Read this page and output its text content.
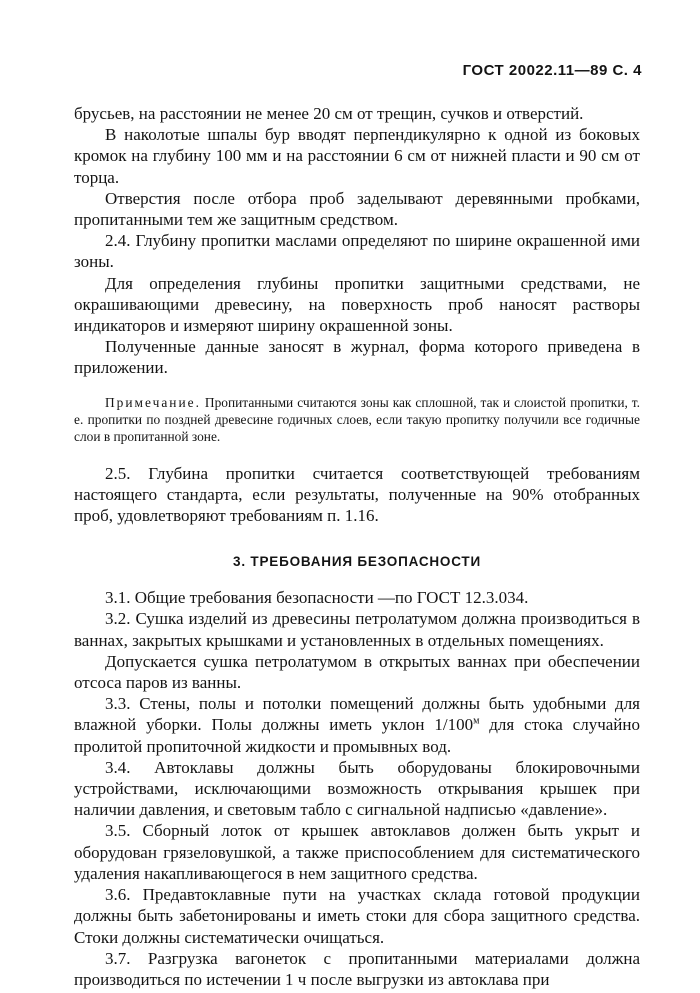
ГОСТ 20022.11—89 С. 4

брусьев, на расстоянии не менее 20 см от трещин, сучков и отверстий.

В наколотые шпалы бур вводят перпендикулярно к одной из боковых кромок на глубину 100 мм и на расстоянии 6 см от нижней пласти и 90 см от торца.

Отверстия после отбора проб заделывают деревянными пробками, пропитанными тем же защитным средством.

2.4. Глубину пропитки маслами определяют по ширине окрашенной ими зоны.

Для определения глубины пропитки защитными средствами, не окрашивающими древесину, на поверхность проб наносят растворы индикаторов и измеряют ширину окрашенной зоны.

Полученные данные заносят в журнал, форма которого приведена в приложении.

Примечание. Пропитанными считаются зоны как сплошной, так и слоистой пропитки, т. е. пропитки по поздней древесине годичных слоев, если такую пропитку получили все годичные слои в пропитанной зоне.

2.5. Глубина пропитки считается соответствующей требованиям настоящего стандарта, если результаты, полученные на 90% отобранных проб, удовлетворяют требованиям п. 1.16.

3. ТРЕБОВАНИЯ БЕЗОПАСНОСТИ

3.1. Общие требования безопасности —по ГОСТ 12.3.034.

3.2. Сушка изделий из древесины петролатумом должна производиться в ваннах, закрытых крышками и установленных в отдельных помещениях.

Допускается сушка петролатумом в открытых ваннах при обеспечении отсоса паров из ванны.

3.3. Стены, полы и потолки помещений должны быть удобными для влажной уборки. Полы должны иметь уклон $1/100^м$ для стока случайно пролитой пропиточной жидкости и промывных вод.

3.4. Автоклавы должны быть оборудованы блокировочными устройствами, исключающими возможность открывания крышек при наличии давления, и световым табло с сигнальной надписью «давление».

3.5. Сборный лоток от крышек автоклавов должен быть укрыт и оборудован грязеловушкой, а также приспособлением для систематического удаления накапливающегося в нем защитного средства.

3.6. Предавтоклавные пути на участках склада готовой продукции должны быть забетонированы и иметь стоки для сбора защитного средства. Стоки должны систематически очищаться.

3.7. Разгрузка вагонеток с пропитанными материалами должна производиться по истечении 1 ч после выгрузки из автоклава при
